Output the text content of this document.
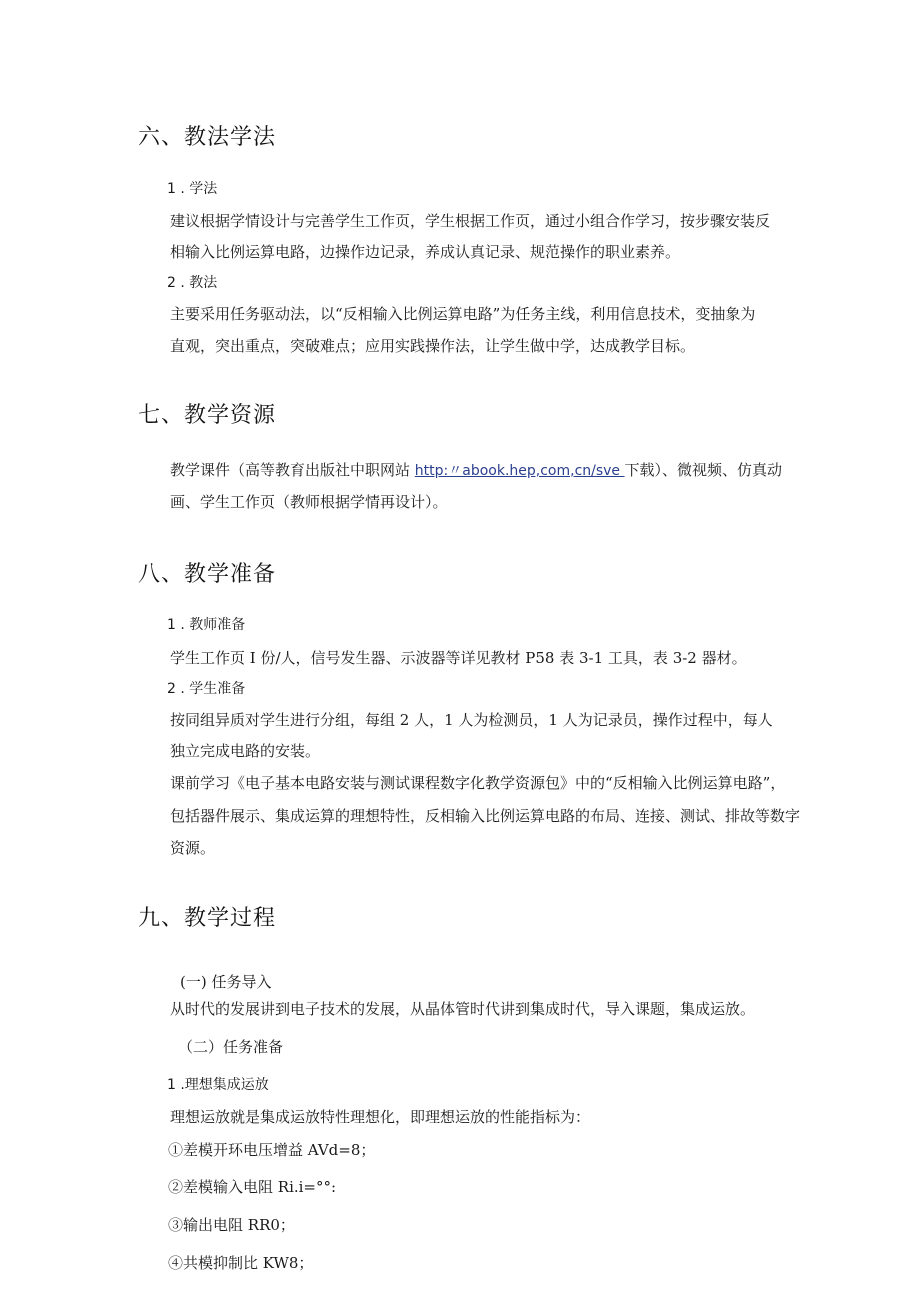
六、教法学法
1 . 学法
建议根据学情设计与完善学生工作页，学生根据工作页，通过小组合作学习，按步骤安装反
相输入比例运算电路，边操作边记录，养成认真记录、规范操作的职业素养。
2 . 教法
主要采用任务驱动法，以“反相输入比例运算电路”为任务主线，利用信息技术，变抽象为
直观，突出重点，突破难点；应用实践操作法，让学生做中学，达成教学目标。
七、教学资源
教学课件（高等教育出版社中职网站 http:〃abook.hep,com,cn/sve 下载）、微视频、仿真动
画、学生工作页（教师根据学情再设计）。
八、教学准备
1 . 教师准备
学生工作页 I 份/人，信号发生器、示波器等详见教材 P58 表 3-1 工具，表 3-2 器材。
2 . 学生准备
按同组异质对学生进行分组，每组 2 人，1 人为检测员，1 人为记录员，操作过程中，每人
独立完成电路的安装。
课前学习《电子基本电路安装与测试课程数字化教学资源包》中的“反相输入比例运算电路”，
包括器件展示、集成运算的理想特性，反相输入比例运算电路的布局、连接、测试、排故等数字
资源。
九、教学过程
(一) 任务导入
从时代的发展讲到电子技术的发展，从晶体管时代讲到集成时代，导入课题，集成运放。
（二）任务准备
1 .理想集成运放
理想运放就是集成运放特性理想化，即理想运放的性能指标为：
①差模开环电压增益 AVd=8；
②差模输入电阻 Ri.i=°°:
③输出电阻 RR0；
④共模抑制比 KW8；
